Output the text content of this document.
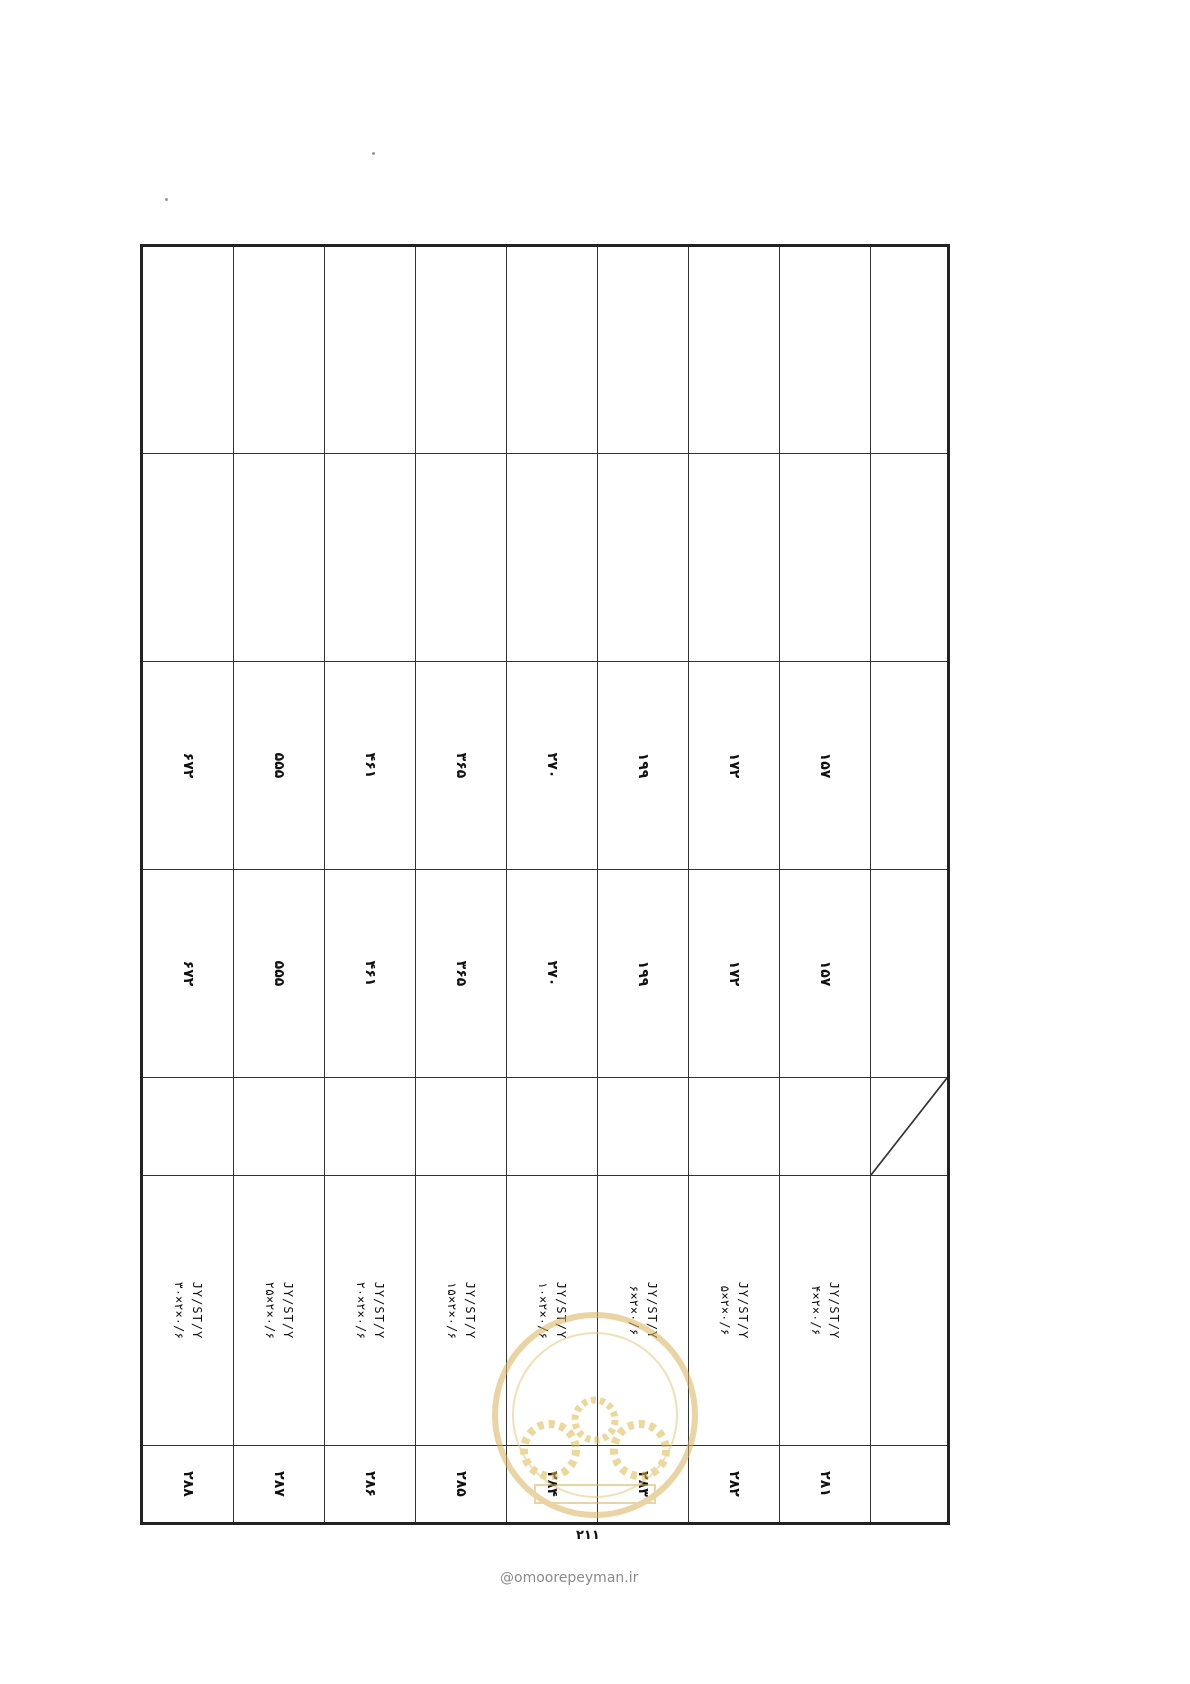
۲۸۱	JY/ST/Y
۴×۲×۰/۶		۱۵۷	۱۵۷		

۲۸۲	JY/ST/Y
۵×۲×۰/۶		۱۷۲	۱۷۲		

۲۸۳	JY/ST/Y
۶×۲×۰/۶		۱۹۹	۱۹۹		

۲۸۴	JY/ST/Y
۱۰×۲×۰/۶		۲۷۰	۲۷۰		

۲۸۵	JY/ST/Y
۱۵×۲×۰/۶		۳۶۵	۳۶۵		

۲۸۶	JY/ST/Y
۲۰×۲×۰/۶		۴۶۱	۴۶۱		

۲۸۷	JY/ST/Y
۲۵×۲×۰/۶		۵۵۵	۵۵۵		

۲۸۸	JY/ST/Y
۳۰×۲×۰/۶		۶۷۲	۶۷۲		

۲۱۱
@omoorepeyman.ir
